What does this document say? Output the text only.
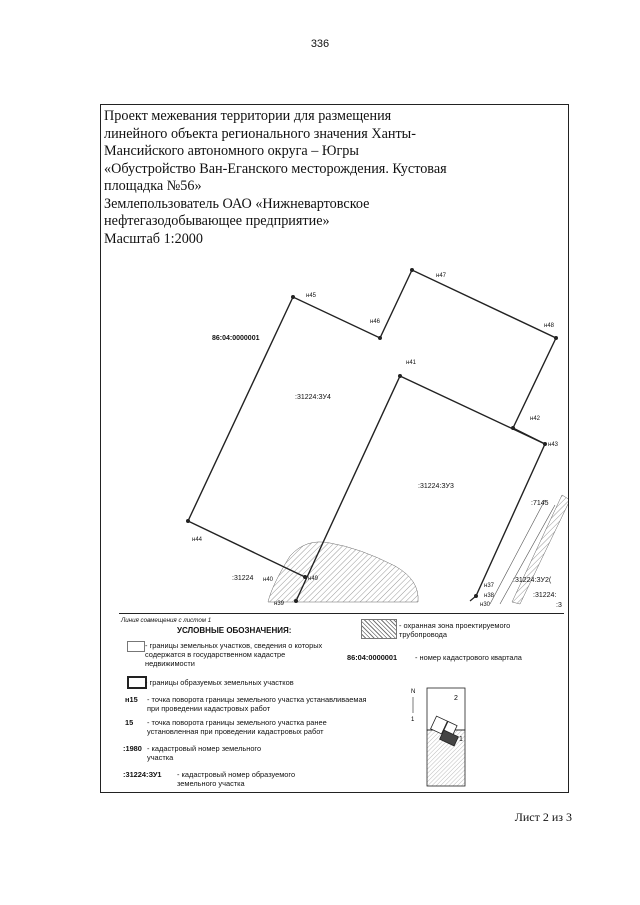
336
Проект межевания территории для размещения
линейного объекта регионального значения Ханты-
Мансийского автономного округа – Югры
«Обустройство Ван-Еганского месторождения. Кустовая
площадка №56»
Землепользователь ОАО «Нижневартовское
нефтегазодобывающее предприятие»
Масштаб 1:2000
н45
н46
н47
н48
н41
н42
н43
н44
н40	н49
н39
н37
н38
н30
86:04:0000001
:31224:ЗУ4
:31224:ЗУ3
:31224	:31224:ЗУ2(
:31224:
:3
:7145
Линия совмещения с листом 1
УСЛОВНЫЕ ОБОЗНАЧЕНИЯ:
- границы земельных участков, сведения о которых содержатся в государственном кадастре недвижимости
- границы образуемых земельных участков
н15 - точка поворота границы земельного участка устанавливаемая при проведении кадастровых работ
15 - точка поворота границы земельного участка ранее установленная при проведении кадастровых работ
:1980 - кадастровый номер земельного участка
:31224:ЗУ1 - кадастровый номер образуемого земельного участка
- охранная зона проектируемого трубопровода
86:04:0000001 - номер кадастрового квартала
N
1
2
1
Лист 2 из 3
